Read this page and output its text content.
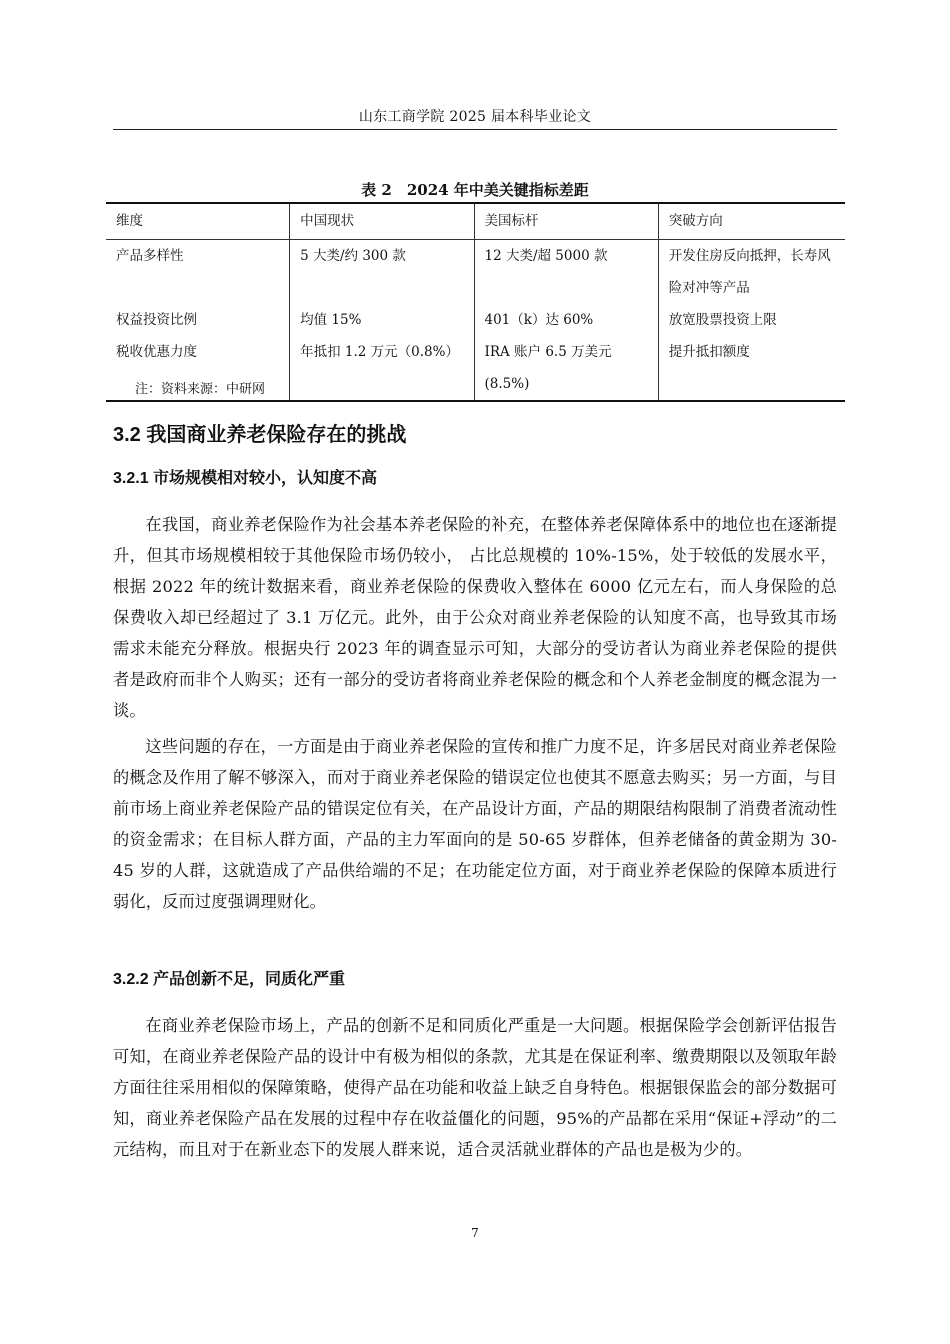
山东工商学院 2025 届本科毕业论文
表 2　2024 年中美关键指标差距
维度	中国现状	美国标杆	突破方向
产品多样性	5 大类/约 300 款	12 大类/超 5000 款	开发住房反向抵押，长寿风险对冲等产品
权益投资比例	均值 15%	401（k）达 60%	放宽股票投资上限
税收优惠力度	年抵扣 1.2 万元（0.8%）	IRA 账户 6.5 万美元(8.5%)	提升抵扣额度
注：资料来源：中研网
3.2 我国商业养老保险存在的挑战
3.2.1 市场规模相对较小，认知度不高

在我国，商业养老保险作为社会基本养老保险的补充，在整体养老保障体系中的地位也在逐渐提升，但其市场规模相较于其他保险市场仍较小， 占比总规模的 10%-15%，处于较低的发展水平，根据 2022 年的统计数据来看，商业养老保险的保费收入整体在 6000 亿元左右，而人身保险的总保费收入却已经超过了 3.1 万亿元。此外，由于公众对商业养老保险的认知度不高，也导致其市场需求未能充分释放。根据央行 2023 年的调查显示可知，大部分的受访者认为商业养老保险的提供者是政府而非个人购买；还有一部分的受访者将商业养老保险的概念和个人养老金制度的概念混为一谈。

这些问题的存在，一方面是由于商业养老保险的宣传和推广力度不足，许多居民对商业养老保险的概念及作用了解不够深入，而对于商业养老保险的错误定位也使其不愿意去购买；另一方面，与目前市场上商业养老保险产品的错误定位有关，在产品设计方面，产品的期限结构限制了消费者流动性的资金需求；在目标人群方面，产品的主力军面向的是 50-65 岁群体，但养老储备的黄金期为 30-45 岁的人群，这就造成了产品供给端的不足；在功能定位方面，对于商业养老保险的保障本质进行弱化，反而过度强调理财化。

3.2.2 产品创新不足，同质化严重

在商业养老保险市场上，产品的创新不足和同质化严重是一大问题。根据保险学会创新评估报告可知，在商业养老保险产品的设计中有极为相似的条款，尤其是在保证利率、缴费期限以及领取年龄方面往往采用相似的保障策略，使得产品在功能和收益上缺乏自身特色。根据银保监会的部分数据可知，商业养老保险产品在发展的过程中存在收益僵化的问题，95%的产品都在采用“保证+浮动”的二元结构，而且对于在新业态下的发展人群来说，适合灵活就业群体的产品也是极为少的。

7
